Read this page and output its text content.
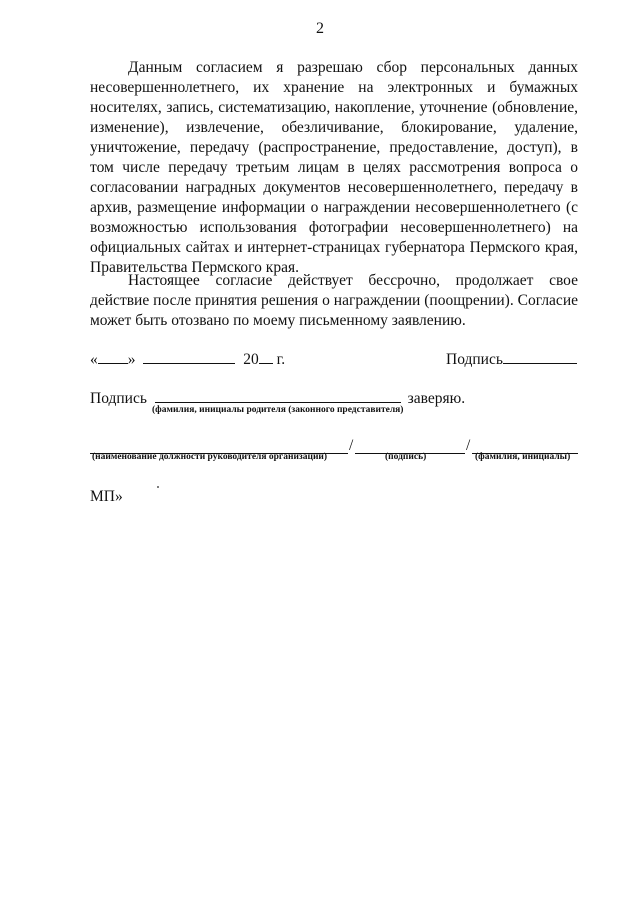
2

Данным согласием я разрешаю сбор персональных данных несовершеннолетнего, их хранение на электронных и бумажных носителях, запись, систематизацию, накопление, уточнение (обновление, изменение), извлечение, обезличивание, блокирование, удаление, уничтожение, передачу (распространение, предоставление, доступ), в том числе передачу третьим лицам в целях рассмотрения вопроса о согласовании наградных документов несовершеннолетнего, передачу в архив, размещение информации о награждении несовершеннолетнего (с возможностью использования фотографии несовершеннолетнего) на официальных сайтах и интернет-страницах губернатора Пермского края, Правительства Пермского края.

Настоящее согласие действует бессрочно, продолжает свое действие после принятия решения о награждении (поощрении). Согласие может быть отозвано по моему письменному заявлению.

« »	20 г.	Подпись
Подпись	заверяю.
(фамилия, инициалы родителя (законного представителя)
/	/
(наименование должности руководителя организации)	(подпись)	(фамилия, инициалы)
МП»
